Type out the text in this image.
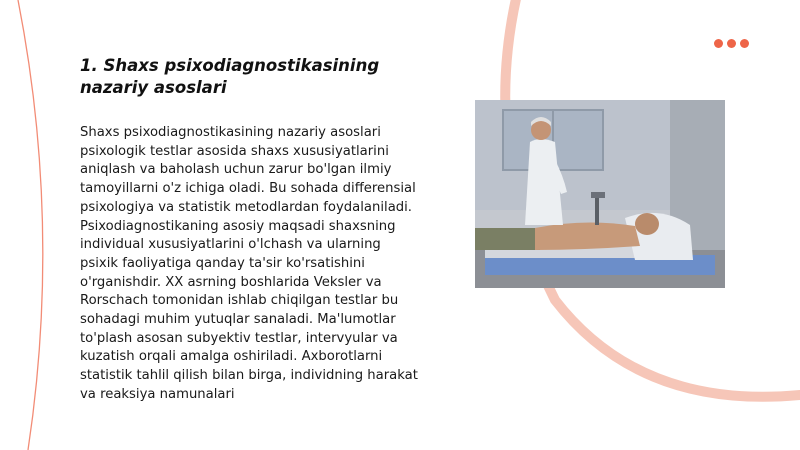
1. Shaxs psixodiagnostikasining nazariy asoslari

Shaxs psixodiagnostikasining nazariy asoslari psixologik testlar asosida shaxs xususiyatlarini aniqlash va baholash uchun zarur bo'lgan ilmiy tamoyillarni o'z ichiga oladi. Bu sohada differensial psixologiya va statistik metodlardan foydalaniladi. Psixodiagnostikaning asosiy maqsadi shaxsning individual xususiyatlarini o'lchash va ularning psixik faoliyatiga qanday ta'sir ko'rsatishini o'rganishdir. XX asrning boshlarida Veksler va Rorschach tomonidan ishlab chiqilgan testlar bu sohadagi muhim yutuqlar sanaladi. Ma'lumotlar to'plash asosan subyektiv testlar, intervyular va kuzatish orqali amalga oshiriladi. Axborotlarni statistik tahlil qilish bilan birga, individning harakat va reaksiya namunalari
